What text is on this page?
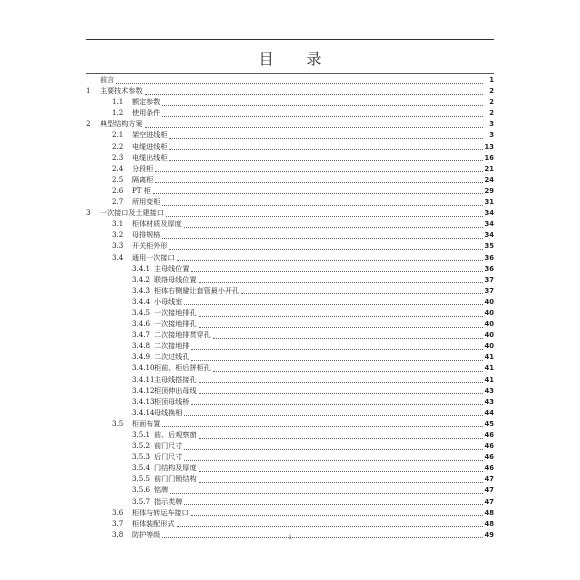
目 录
前言	1
1	主要技术参数	2
1.1	额定参数	2
1.2	使用条件	2
2	典型结构方案	3
2.1	架空进线柜	3
2.2	电缆进线柜	13
2.3	电缆出线柜	16
2.4	分段柜	21
2.5	隔离柜	24
2.6	PT 柜	29
2.7	所用变柜	31
3	一次接口及土建接口	34
3.1	柜体材质及厚度	34
3.2	母排规格	34
3.3	开关柜外形	35
3.4	通用一次接口	36
3.4.1 主母线位置	36
3.4.2 联络母线位置	37
3.4.3 柜体右侧避让套管最小开孔	37
3.4.4 小母线室	40
3.4.5 一次接地排孔	40
3.4.6 一次接地排孔	40
3.4.7 二次接地排贯穿孔	40
3.4.8 二次接地排	40
3.4.9 二次过线孔	41
3.4.10 柜前、柜后拼柜孔	41
3.4.11 主母线搭接孔	41
3.4.12 柜顶伸出母线	43
3.4.13 柜顶母线桥	43
3.4.14 母线换相	44
3.5	柜面布置	45
3.5.1 前、后观察窗	46
3.5.2 前门尺寸	46
3.5.3 后门尺寸	46
3.5.4 门结构及厚度	46
3.5.5 前门门锁结构	47
3.5.6 铭牌	47
3.5.7 指示类牌	47
3.6	柜体与转运车接口	48
3.7	柜体装配形式	48
3.8	防护等级	49
i
